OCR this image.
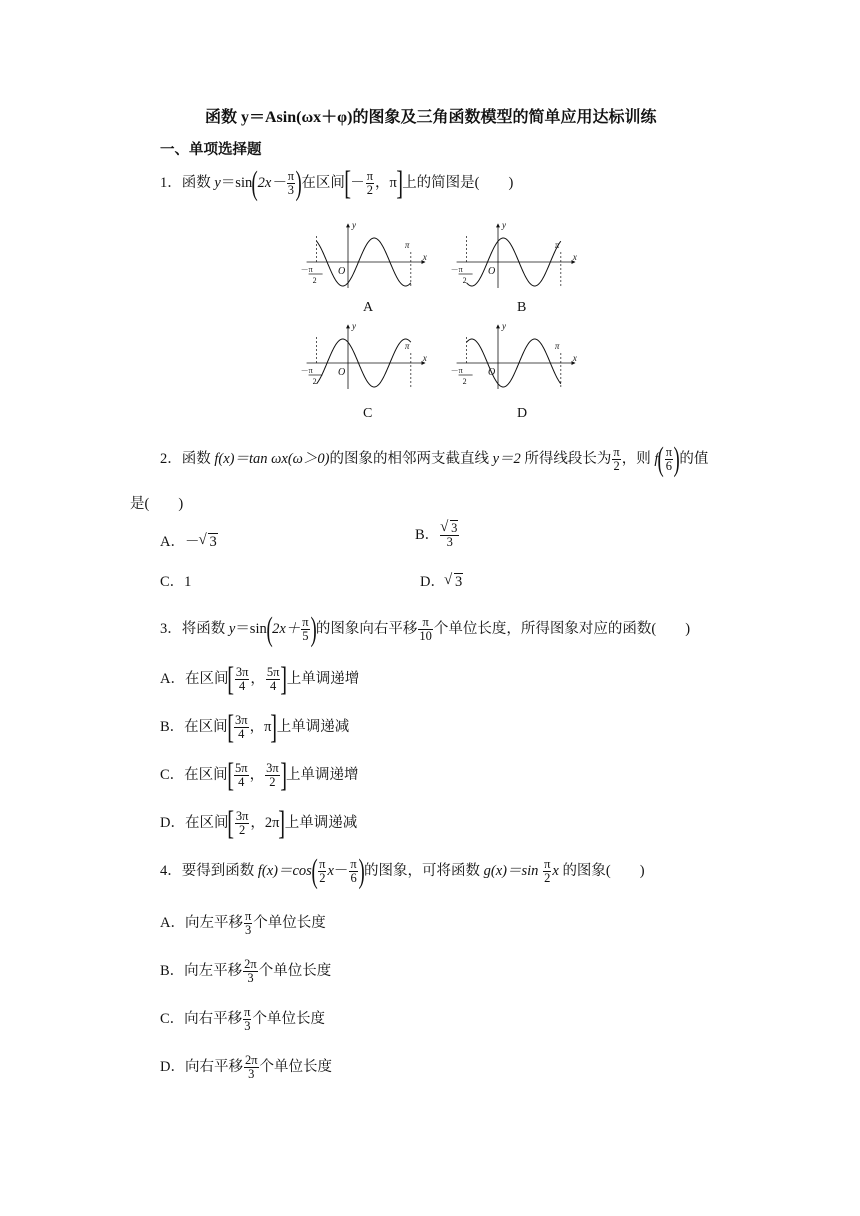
函数 y＝Asin(ωx＋φ)的图象及三角函数模型的简单应用达标训练
一、单项选择题
1．函数 $y=\sin(2x- \frac{\pi}{3}$ )在区间[－ $\frac{\pi}{2}$ ，π]上的简图是(　　)
y
x
O
π
－π
2
y
x
O
π
－π
2
y
x
O
π
－π
2
y
x
O
π
－π
2
A	B
C	D
2．函数 f(x)＝tan ωx(ω＞0)的图象的相邻两支截直线 y＝2 所得线段长为 $\frac{\pi}{2}$ ，则 $f( \frac{\pi}{6}$ )的值
是(　　)
A．－ √ 3	B． √ $\frac{3}{3}$
C．1	D． √ 3
3．将函数 $y=\sin(2x+ \frac{\pi}{5}$ )的图象向右平移 $\frac{\pi}{10}$ 个单位长度，所得图象对应的函数(　　)
A．在区间[ $\frac{3\pi}{4}$ ， $\frac{5\pi}{4}$ ]上单调递增
B．在区间[ $\frac{3\pi}{4}$ ，π]上单调递减
C．在区间[ $\frac{5\pi}{4}$ ， $\frac{3\pi}{2}$ ]上单调递增
D．在区间[ $\frac{3\pi}{2}$ ，2π]上单调递减
4．要得到函数 $f(x)=\cos( \frac{\pi}{2} x- \frac{\pi}{6}$ )的图象，可将函数 $g(x)=\sin \frac{\pi}{2}$ x 的图象(　　)
A．向左平移 $\frac{\pi}{3}$ 个单位长度
B．向左平移 $\frac{2\pi}{3}$ 个单位长度
C．向右平移 $\frac{\pi}{3}$ 个单位长度
D．向右平移 $\frac{2\pi}{3}$ 个单位长度
